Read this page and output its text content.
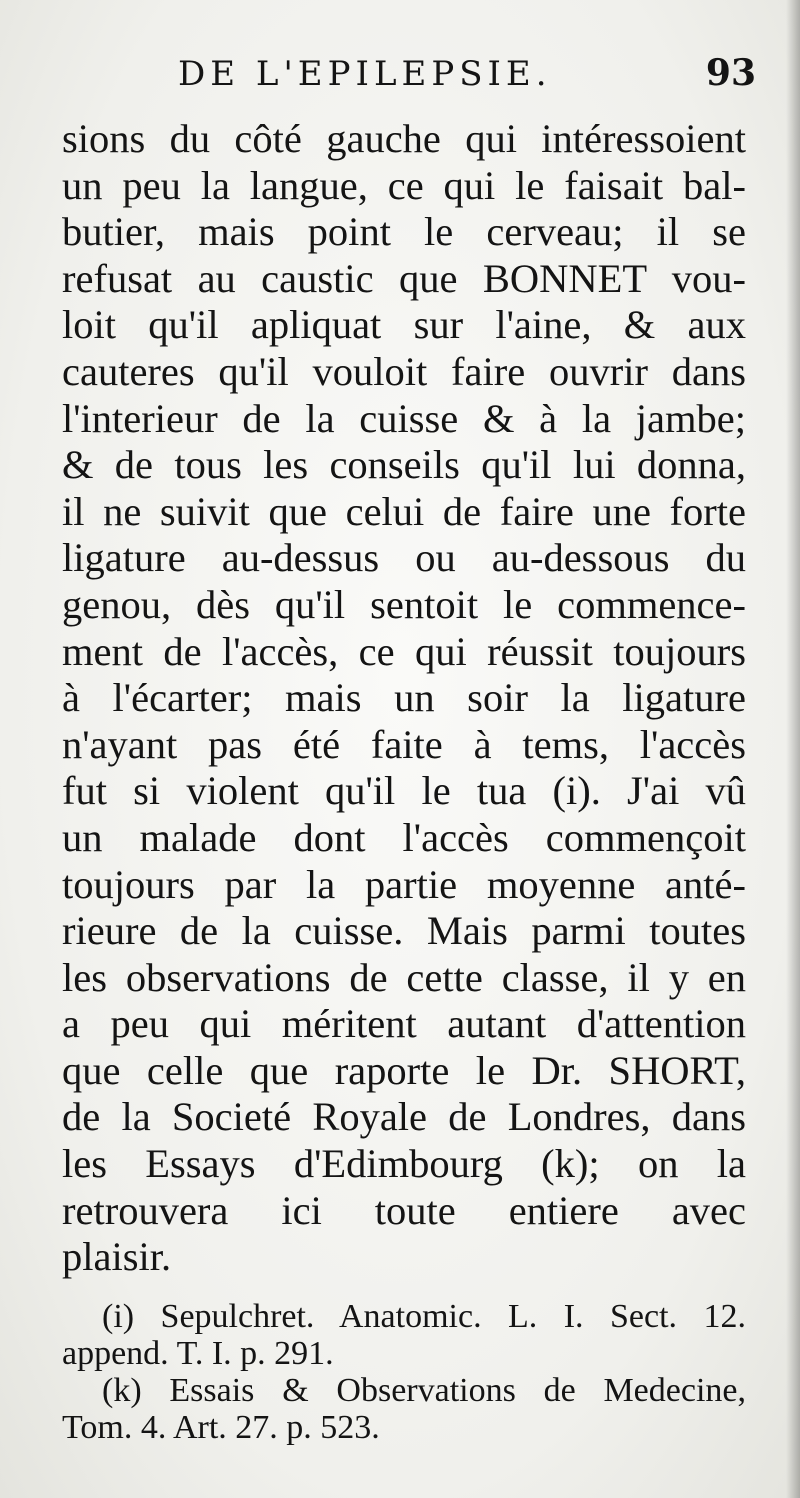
DE L'EPILEPSIE.	93
sions du côté gauche qui intéressoient
un peu la langue, ce qui le faisait bal-
butier, mais point le cerveau; il se
refusat au caustic que BONNET vou-
loit qu'il apliquat sur l'aine, & aux
cauteres qu'il vouloit faire ouvrir dans
l'interieur de la cuisse & à la jambe;
& de tous les conseils qu'il lui donna,
il ne suivit que celui de faire une forte
ligature au-dessus ou au-dessous du
genou, dès qu'il sentoit le commence-
ment de l'accès, ce qui réussit toujours
à l'écarter; mais un soir la ligature
n'ayant pas été faite à tems, l'accès
fut si violent qu'il le tua (i). J'ai vû
un malade dont l'accès commençoit
toujours par la partie moyenne anté-
rieure de la cuisse. Mais parmi toutes
les observations de cette classe, il y en
a peu qui méritent autant d'attention
que celle que raporte le Dr. SHORT,
de la Societé Royale de Londres, dans
les Essays d'Edimbourg (k); on la
retrouvera ici toute entiere avec
plaisir.
(i) Sepulchret. Anatomic. L. I. Sect. 12.
append. T. I. p. 291.
(k) Essais & Observations de Medecine,
Tom. 4. Art. 27. p. 523.
